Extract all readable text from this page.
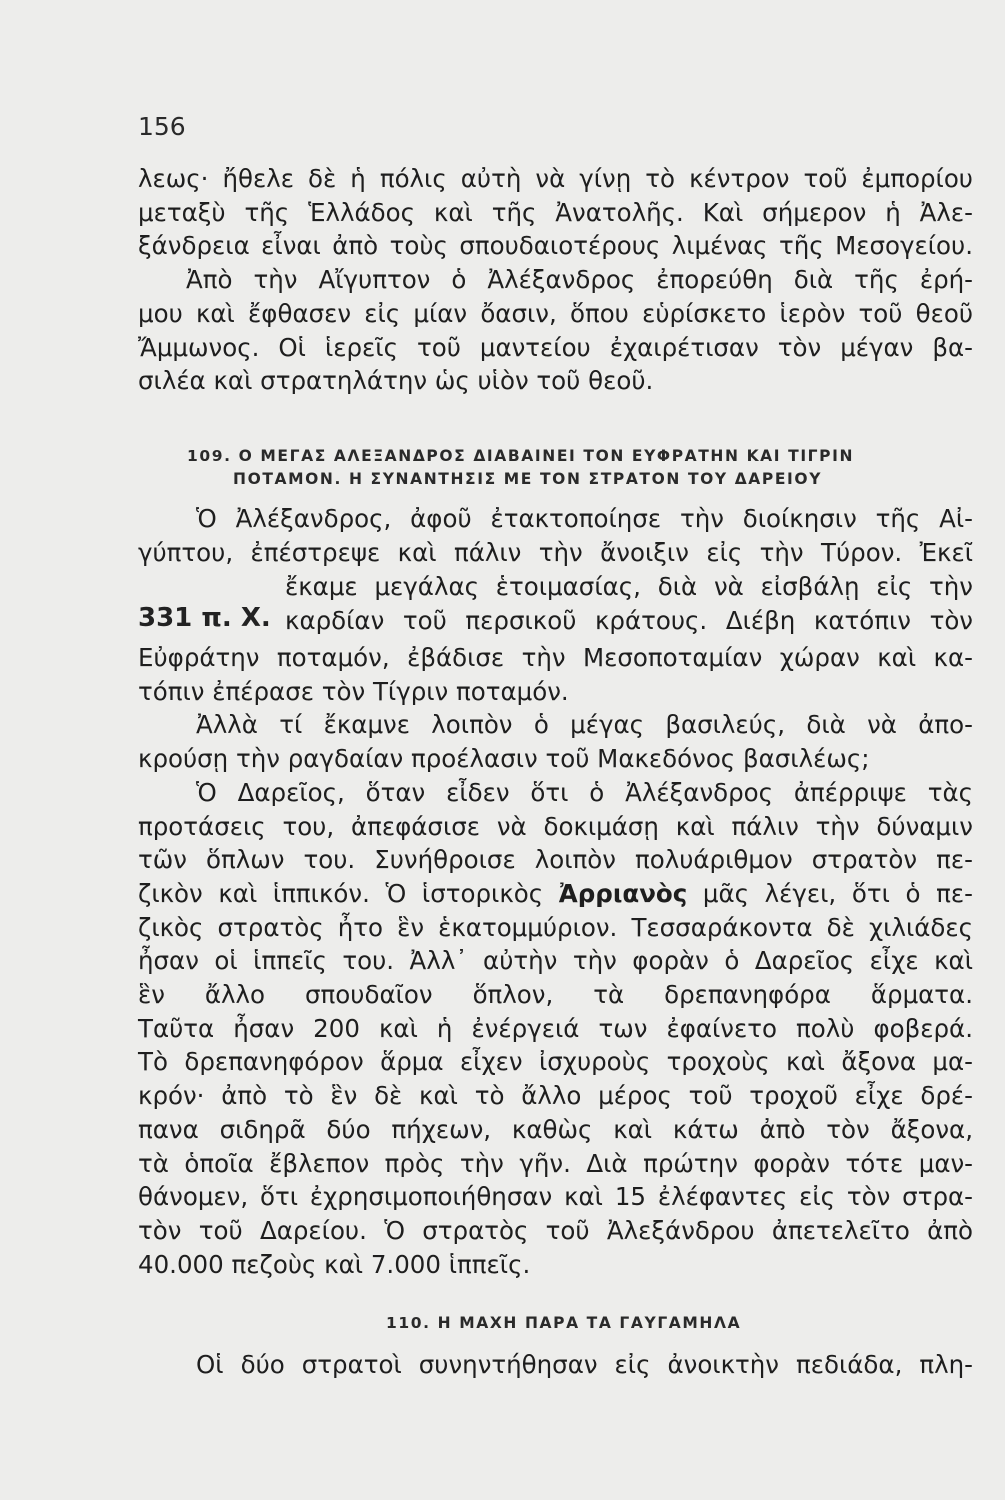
156
λεως· ἤθελε δὲ ἡ πόλις αὐτὴ νὰ γίνῃ τὸ κέντρον τοῦ ἐμπορίου
μεταξὺ τῆς Ἑλλάδος καὶ τῆς Ἀνατολῆς. Καὶ σήμερον ἡ Ἀλε-
ξάνδρεια εἶναι ἀπὸ τοὺς σπουδαιοτέρους λιμένας τῆς Μεσογείου.
Ἀπὸ τὴν Αἴγυπτον ὁ Ἀλέξανδρος ἐπορεύθη διὰ τῆς ἐρή-
μου καὶ ἔφθασεν εἰς μίαν ὄασιν, ὅπου εὑρίσκετο ἱερὸν τοῦ θεοῦ
Ἄμμωνος. Οἱ ἱερεῖς τοῦ μαντείου ἐχαιρέτισαν τὸν μέγαν βα-
σιλέα καὶ στρατηλάτην ὡς υἱὸν τοῦ θεοῦ.
109. Ο ΜΕΓΑΣ ΑΛΕΞΑΝΔΡΟΣ ΔΙΑΒΑΙΝΕΙ ΤΟΝ ΕΥΦΡΑΤΗΝ ΚΑΙ ΤΙΓΡΙΝ
ΠΟΤΑΜΟΝ. Η ΣΥΝΑΝΤΗΣΙΣ ΜΕ ΤΟΝ ΣΤΡΑΤΟΝ ΤΟΥ ΔΑΡΕΙΟΥ
Ὁ Ἀλέξανδρος, ἀφοῦ ἐτακτοποίησε τὴν διοίκησιν τῆς Αἰ-
γύπτου, ἐπέστρεψε καὶ πάλιν τὴν ἄνοιξιν εἰς τὴν Τύρον. Ἐκεῖ
331 π. Χ.
ἔκαμε μεγάλας ἑτοιμασίας, διὰ νὰ εἰσβάλῃ εἰς τὴν
καρδίαν τοῦ περσικοῦ κράτους. Διέβη κατόπιν τὸν
Εὐφράτην ποταμόν, ἐβάδισε τὴν Μεσοποταμίαν χώραν καὶ κα-
τόπιν ἐπέρασε τὸν Τίγριν ποταμόν.
Ἀλλὰ τί ἔκαμνε λοιπὸν ὁ μέγας βασιλεύς, διὰ νὰ ἀπο-
κρούσῃ τὴν ραγδαίαν προέλασιν τοῦ Μακεδόνος βασιλέως;
Ὁ Δαρεῖος, ὅταν εἶδεν ὅτι ὁ Ἀλέξανδρος ἀπέρριψε τὰς
προτάσεις του, ἀπεφάσισε νὰ δοκιμάσῃ καὶ πάλιν τὴν δύναμιν
τῶν ὅπλων του. Συνήθροισε λοιπὸν πολυάριθμον στρατὸν πε-
ζικὸν καὶ ἱππικόν. Ὁ ἱστορικὸς Ἀρριανὸς μᾶς λέγει, ὅτι ὁ πε-
ζικὸς στρατὸς ἦτο ἓν ἑκατομμύριον. Τεσσαράκοντα δὲ χιλιάδες
ἦσαν οἱ ἱππεῖς του. Ἀλλ᾽ αὐτὴν τὴν φορὰν ὁ Δαρεῖος εἶχε καὶ
ἓν ἄλλο σπουδαῖον ὅπλον, τὰ δρεπανηφόρα ἅρματα.
Ταῦτα ἦσαν 200 καὶ ἡ ἐνέργειά των ἐφαίνετο πολὺ φοβερά.
Τὸ δρεπανηφόρον ἅρμα εἶχεν ἰσχυροὺς τροχοὺς καὶ ἄξονα μα-
κρόν· ἀπὸ τὸ ἓν δὲ καὶ τὸ ἄλλο μέρος τοῦ τροχοῦ εἶχε δρέ-
πανα σιδηρᾶ δύο πήχεων, καθὼς καὶ κάτω ἀπὸ τὸν ἄξονα,
τὰ ὁποῖα ἔβλεπον πρὸς τὴν γῆν. Διὰ πρώτην φορὰν τότε μαν-
θάνομεν, ὅτι ἐχρησιμοποιήθησαν καὶ 15 ἐλέφαντες εἰς τὸν στρα-
τὸν τοῦ Δαρείου. Ὁ στρατὸς τοῦ Ἀλεξάνδρου ἀπετελεῖτο ἀπὸ
40.000 πεζοὺς καὶ 7.000 ἱππεῖς.
110. Η ΜΑΧΗ ΠΑΡΑ ΤΑ ΓΑΥΓΑΜΗΛΑ
Οἱ δύο στρατοὶ συνηντήθησαν εἰς ἀνοικτὴν πεδιάδα, πλη-
